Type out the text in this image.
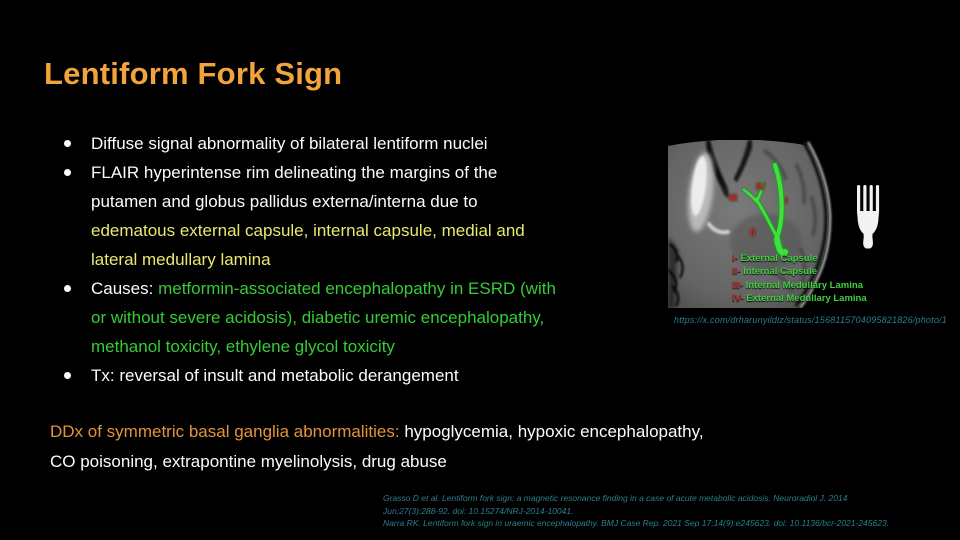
Lentiform Fork Sign
Diffuse signal abnormality of bilateral lentiform nuclei
FLAIR hyperintense rim delineating the margins of the
putamen and globus pallidus externa/interna due to
edematous external capsule, internal capsule, medial and
lateral medullary lamina
Causes: metformin-associated encephalopathy in ESRD (with
or without severe acidosis), diabetic uremic encephalopathy,
methanol toxicity, ethylene glycol toxicity
Tx: reversal of insult and metabolic derangement
DDx of symmetric basal ganglia abnormalities: hypoglycemia, hypoxic encephalopathy,
CO poisoning, extrapontine myelinolysis, drug abuse
I
II
III
IV
I- External Capsule
II- Internal Capsule
III- Internal Medullary Lamina
IV- External Medullary Lamina
https://x.com/drharunyildiz/status/1568115704095821826/photo/1
Grasso D et al. Lentiform fork sign: a magnetic resonance finding in a case of acute metabolic acidosis. Neuroradiol J. 2014
Jun;27(3):288-92. doi: 10.15274/NRJ-2014-10041.
Narra RK. Lentiform fork sign in uraemic encephalopathy. BMJ Case Rep. 2021 Sep 17;14(9):e245623. doi: 10.1136/bcr-2021-245623.
